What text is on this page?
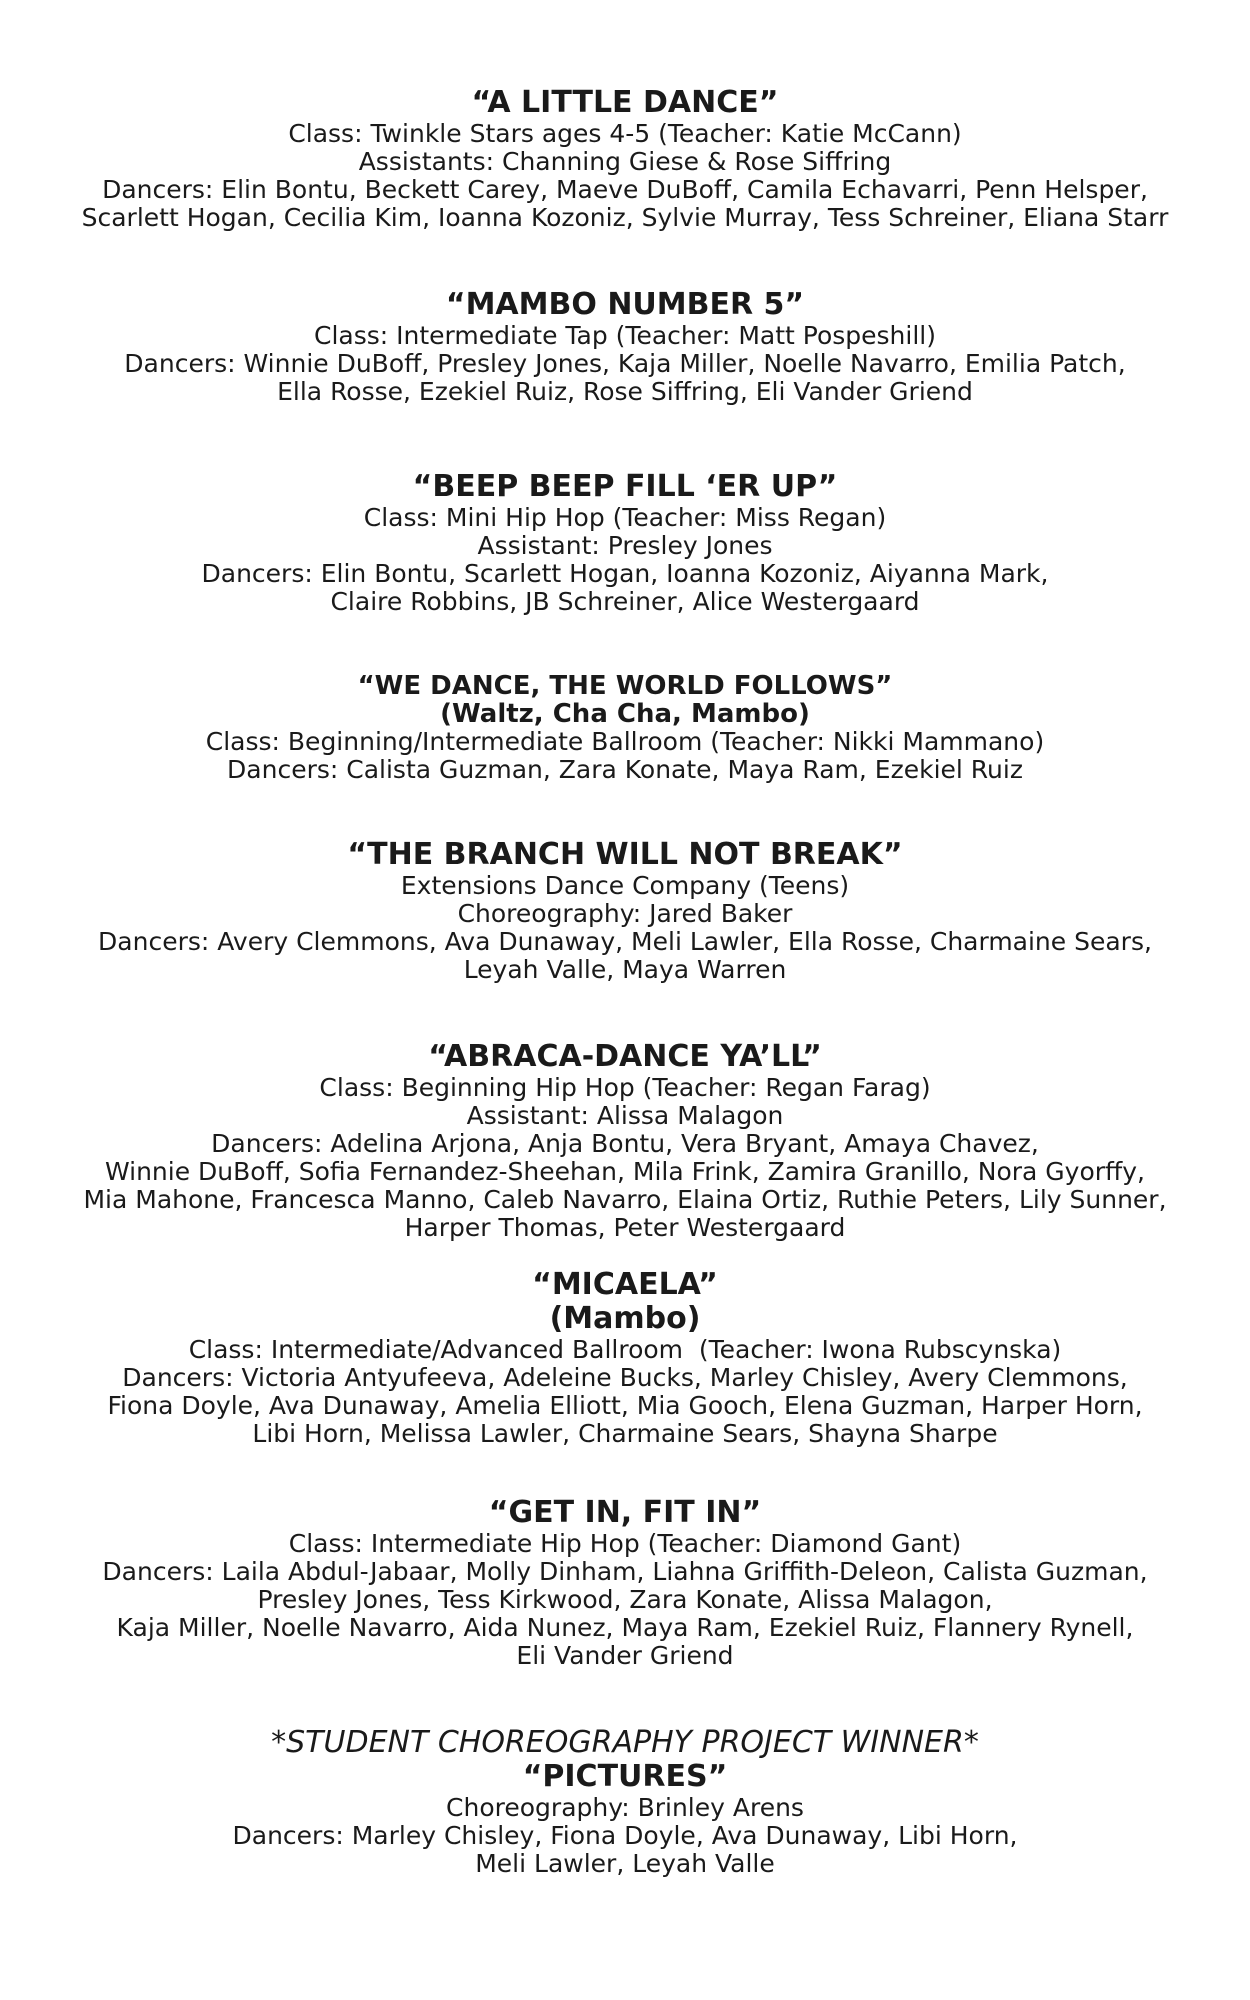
“A LITTLE DANCE”
Class: Twinkle Stars ages 4-5 (Teacher: Katie McCann)
Assistants: Channing Giese & Rose Siffring
Dancers: Elin Bontu, Beckett Carey, Maeve DuBoff, Camila Echavarri, Penn Helsper,
Scarlett Hogan, Cecilia Kim, Ioanna Kozoniz, Sylvie Murray, Tess Schreiner, Eliana Starr
“MAMBO NUMBER 5”
Class: Intermediate Tap (Teacher: Matt Pospeshill)
Dancers: Winnie DuBoff, Presley Jones, Kaja Miller, Noelle Navarro, Emilia Patch,
Ella Rosse, Ezekiel Ruiz, Rose Siffring, Eli Vander Griend
“BEEP BEEP FILL ‘ER UP”
Class: Mini Hip Hop (Teacher: Miss Regan)
Assistant: Presley Jones
Dancers: Elin Bontu, Scarlett Hogan, Ioanna Kozoniz, Aiyanna Mark,
Claire Robbins, JB Schreiner, Alice Westergaard
“WE DANCE, THE WORLD FOLLOWS”
(Waltz, Cha Cha, Mambo)
Class: Beginning/Intermediate Ballroom (Teacher: Nikki Mammano)
Dancers: Calista Guzman, Zara Konate, Maya Ram, Ezekiel Ruiz
“THE BRANCH WILL NOT BREAK”
Extensions Dance Company (Teens)
Choreography: Jared Baker
Dancers: Avery Clemmons, Ava Dunaway, Meli Lawler, Ella Rosse, Charmaine Sears,
Leyah Valle, Maya Warren
“ABRACA-DANCE YA’LL”
Class: Beginning Hip Hop (Teacher: Regan Farag)
Assistant: Alissa Malagon
Dancers: Adelina Arjona, Anja Bontu, Vera Bryant, Amaya Chavez,
Winnie DuBoff, Sofia Fernandez-Sheehan, Mila Frink, Zamira Granillo, Nora Gyorffy,
Mia Mahone, Francesca Manno, Caleb Navarro, Elaina Ortiz, Ruthie Peters, Lily Sunner,
Harper Thomas, Peter Westergaard
“MICAELA”
(Mambo)
Class: Intermediate/Advanced Ballroom  (Teacher: Iwona Rubscynska)
Dancers: Victoria Antyufeeva, Adeleine Bucks, Marley Chisley, Avery Clemmons,
Fiona Doyle, Ava Dunaway, Amelia Elliott, Mia Gooch, Elena Guzman, Harper Horn,
Libi Horn, Melissa Lawler, Charmaine Sears, Shayna Sharpe
“GET IN, FIT IN”
Class: Intermediate Hip Hop (Teacher: Diamond Gant)
Dancers: Laila Abdul-Jabaar, Molly Dinham, Liahna Griffith-Deleon, Calista Guzman,
Presley Jones, Tess Kirkwood, Zara Konate, Alissa Malagon,
Kaja Miller, Noelle Navarro, Aida Nunez, Maya Ram, Ezekiel Ruiz, Flannery Rynell,
Eli Vander Griend
*STUDENT CHOREOGRAPHY PROJECT WINNER*
“PICTURES”
Choreography: Brinley Arens
Dancers: Marley Chisley, Fiona Doyle, Ava Dunaway, Libi Horn,
Meli Lawler, Leyah Valle
